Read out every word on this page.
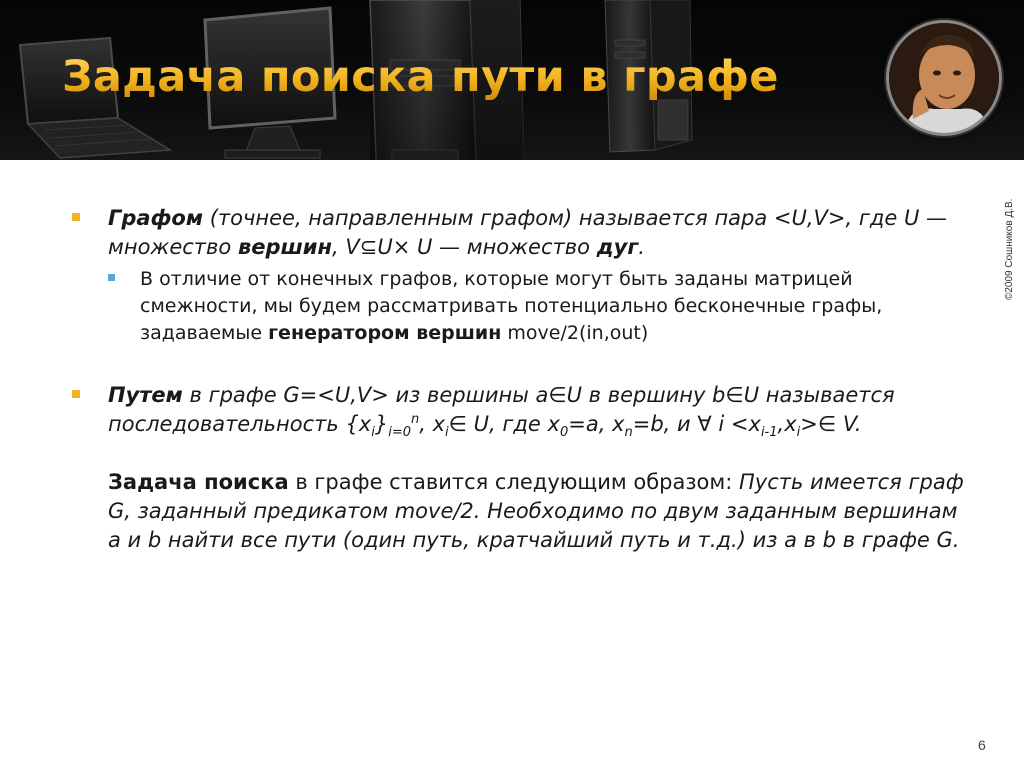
Задача поиска пути в графе
©2009 Сошников Д.В.

Графом (точнее, направленным графом) называется пара <U,V>, где U — множество вершин, V⊆U× U — множество дуг.

В отличие от конечных графов, которые могут быть заданы матрицей смежности, мы будем рассматривать потенциально бесконечные графы, задаваемые генератором вершин move/2(in,out)

Путем в графе G=<U,V> из вершины a∈U в вершину b∈U называется последовательность $\{x_i\}_{i=0}^n$, $x_i\in$ U, где $x_0=a$, $x_n=b$, и ∀ $i <x_{i-1},x_i>\in$ V.

Задача поиска в графе ставится следующим образом: Пусть имеется граф G, заданный предикатом move/2. Необходимо по двум заданным вершинам a и b найти все пути (один путь, кратчайший путь и т.д.) из a в b в графе G.

6
